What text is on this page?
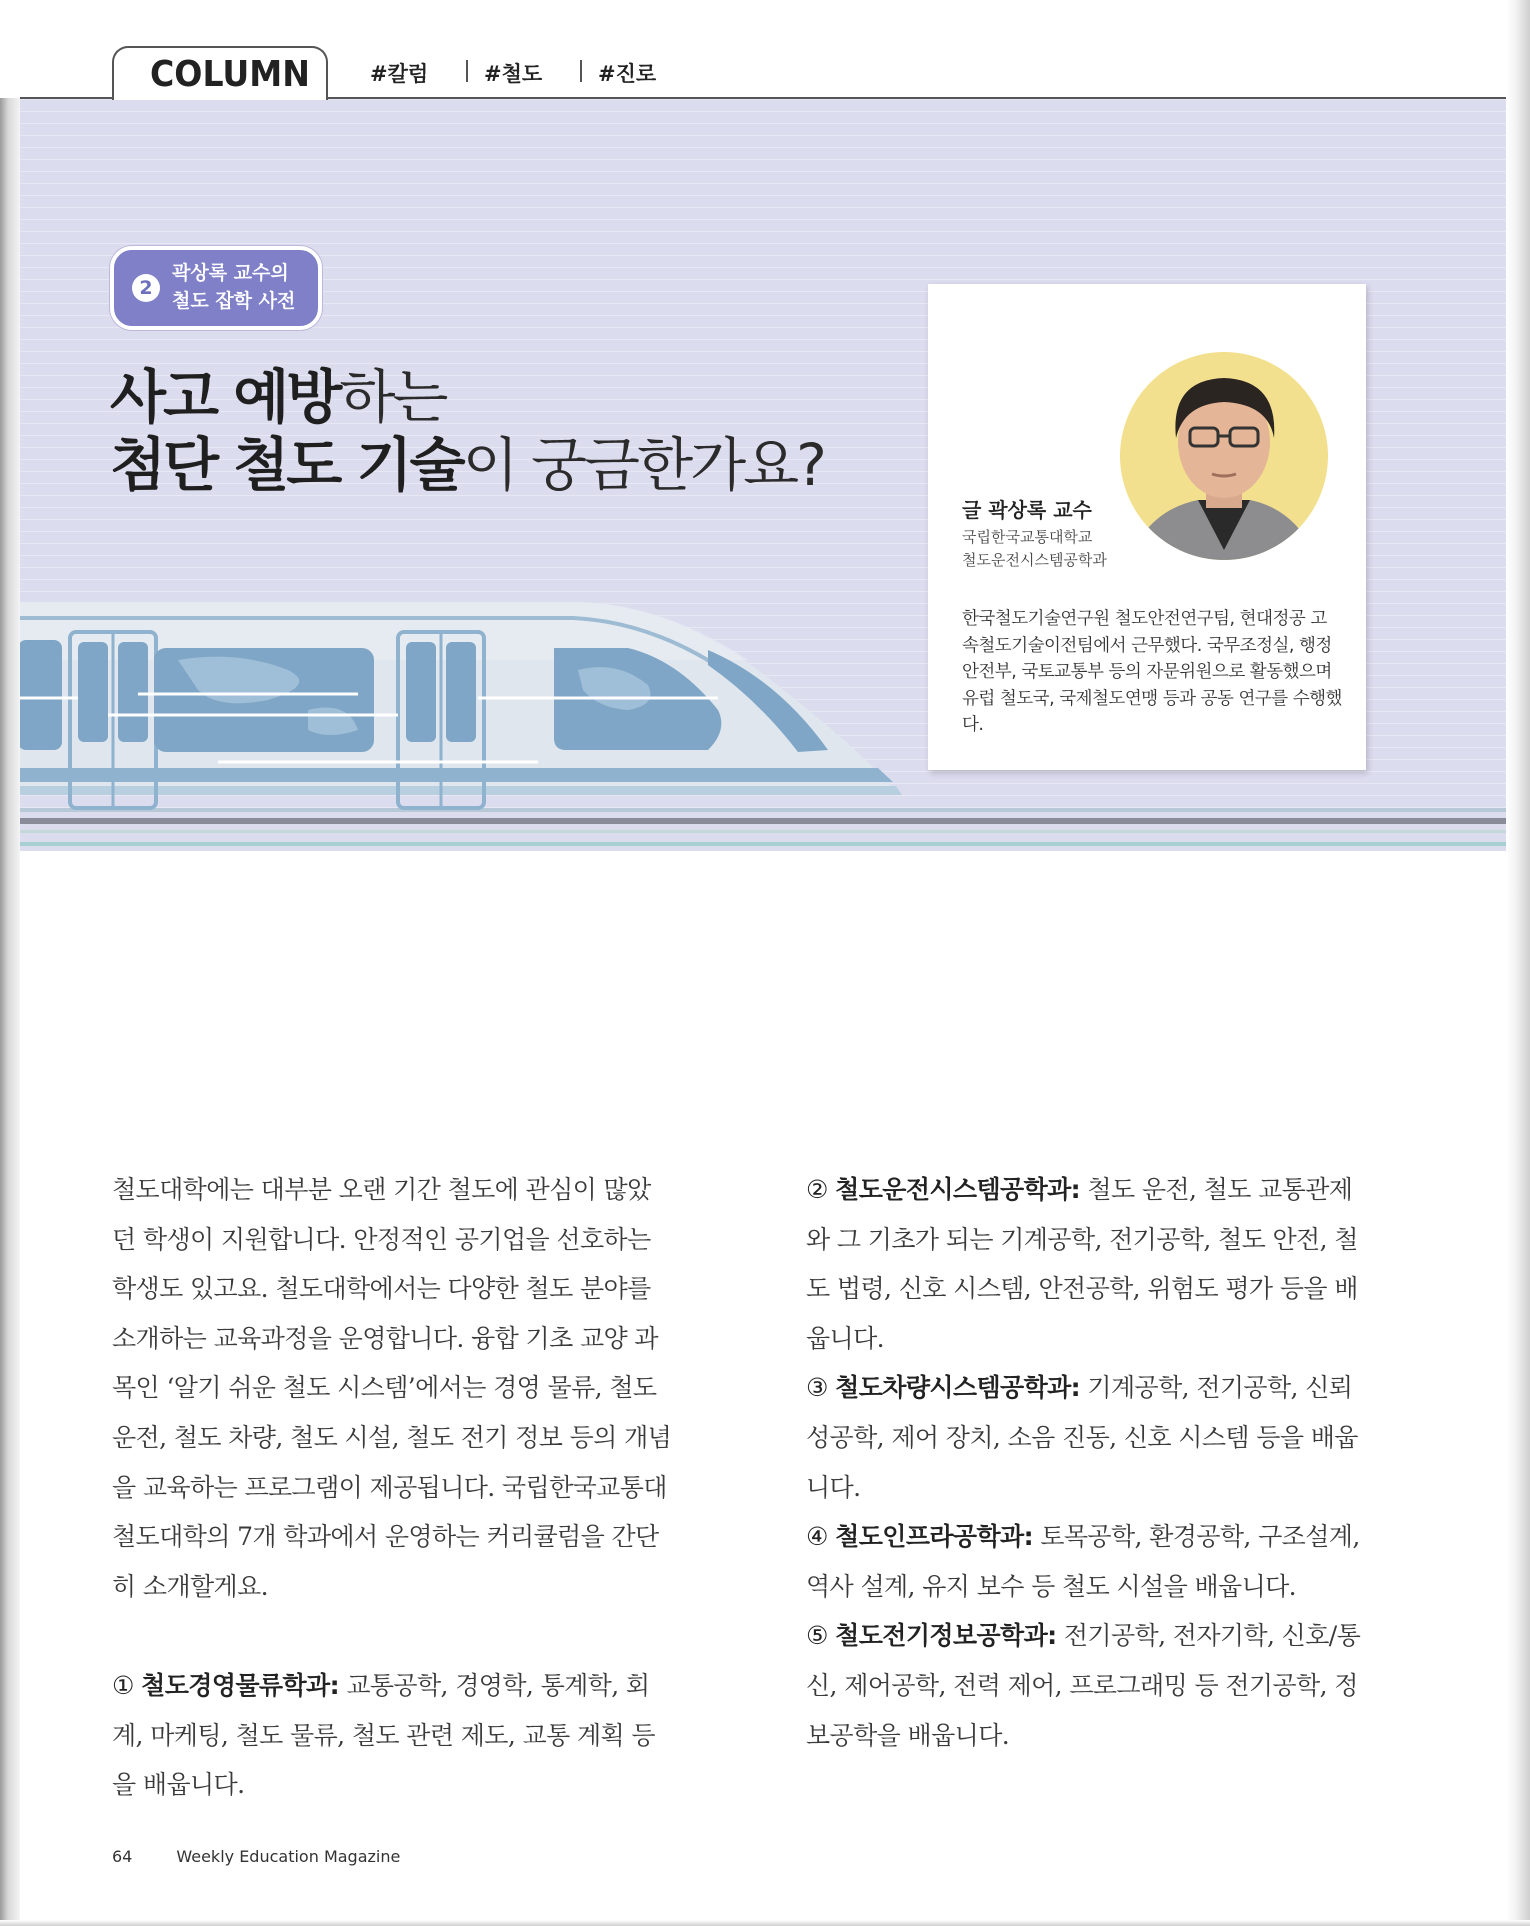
COLUMN	#칼럼	#철도	#진로
2
곽상록 교수의
철도 잡학 사전
사고 예방하는
첨단 철도 기술이 궁금한가요?
글 곽상록 교수
국립한국교통대학교
철도운전시스템공학과
한국철도기술연구원 철도안전연구팀, 현대정공 고속철도기술이전팀에서 근무했다. 국무조정실, 행정안전부, 국토교통부 등의 자문위원으로 활동했으며 유럽 철도국, 국제철도연맹 등과 공동 연구를 수행했다.

철도대학에는 대부분 오랜 기간 철도에 관심이 많았던 학생이 지원합니다. 안정적인 공기업을 선호하는 학생도 있고요. 철도대학에서는 다양한 철도 분야를 소개하는 교육과정을 운영합니다. 융합 기초 교양 과목인 ‘알기 쉬운 철도 시스템’에서는 경영 물류, 철도 운전, 철도 차량, 철도 시설, 철도 전기 정보 등의 개념을 교육하는 프로그램이 제공됩니다. 국립한국교통대 철도대학의 7개 학과에서 운영하는 커리큘럼을 간단히 소개할게요.

① 철도경영물류학과: 교통공학, 경영학, 통계학, 회계, 마케팅, 철도 물류, 철도 관련 제도, 교통 계획 등을 배웁니다.

② 철도운전시스템공학과: 철도 운전, 철도 교통관제와 그 기초가 되는 기계공학, 전기공학, 철도 안전, 철도 법령, 신호 시스템, 안전공학, 위험도 평가 등을 배웁니다.

③ 철도차량시스템공학과: 기계공학, 전기공학, 신뢰성공학, 제어 장치, 소음 진동, 신호 시스템 등을 배웁니다.

④ 철도인프라공학과: 토목공학, 환경공학, 구조설계, 역사 설계, 유지 보수 등 철도 시설을 배웁니다.

⑤ 철도전기정보공학과: 전기공학, 전자기학, 신호/통신, 제어공학, 전력 제어, 프로그래밍 등 전기공학, 정보공학을 배웁니다.

64	Weekly Education Magazine
